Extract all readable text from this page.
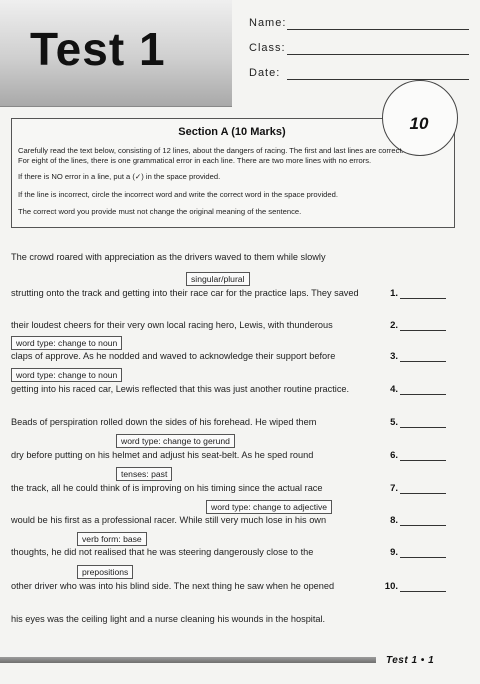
Test 1	Name:
Class:
Date:
10
Section A (10 Marks)
Carefully read the text below, consisting of 12 lines, about the dangers of racing. The first and last lines are correct.
For eight of the lines, there is one grammatical error in each line. There are two more lines with no errors.
If there is NO error in a line, put a (✓) in the space provided.
If the line is incorrect, circle the incorrect word and write the correct word in the space provided.
The correct word you provide must not change the original meaning of the sentence.
The crowd roared with appreciation as the drivers waved to them while slowly
singular/plural
strutting onto the track and getting into their race car for the practice laps. They saved	1.
their loudest cheers for their very own local racing hero, Lewis, with thunderous	2.
word type: change to noun
claps of approve. As he nodded and waved to acknowledge their support before	3.
word type: change to noun
getting into his raced car, Lewis reflected that this was just another routine practice.	4.
Beads of perspiration rolled down the sides of his forehead. He wiped them	5.
word type: change to gerund
dry before putting on his helmet and adjust his seat-belt. As he sped round	6.
tenses: past
the track, all he could think of is improving on his timing since the actual race	7.
word type: change to adjective
would be his first as a professional racer. While still very much lose in his own	8.
verb form: base
thoughts, he did not realised that he was steering dangerously close to the	9.
prepositions
other driver who was into his blind side. The next thing he saw when he opened	10.
his eyes was the ceiling light and a nurse cleaning his wounds in the hospital.
Test 1 • 1
